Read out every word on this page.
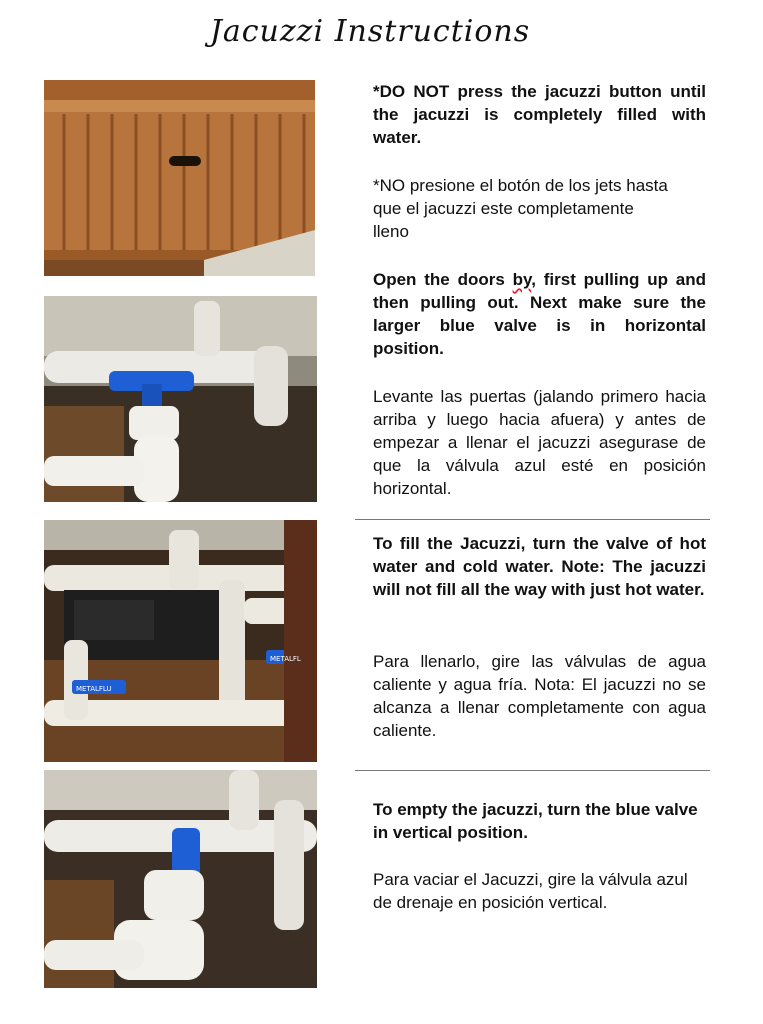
Jacuzzi Instructions
METALFLU
METALFL
*DO NOT press the jacuzzi button until the jacuzzi is completely filled with water.
*NO presione el botón de los jets hasta que el jacuzzi este completamente lleno
Open the doors by, first pulling up and then pulling out. Next make sure the larger blue valve is in horizontal position.
Levante las puertas (jalando primero hacia arriba y luego hacia afuera) y antes de empezar a llenar el jacuzzi asegurase de que la válvula azul esté en posición horizontal.
To fill the Jacuzzi, turn the valve of hot water and cold water. Note: The jacuzzi will not fill all the way with just hot water.
Para llenarlo, gire las válvulas de agua caliente y agua fría. Nota: El jacuzzi no se alcanza a llenar completamente con agua caliente.
To empty the jacuzzi, turn the blue valve in vertical position.
Para vaciar el Jacuzzi, gire la válvula azul de drenaje en posición vertical.
